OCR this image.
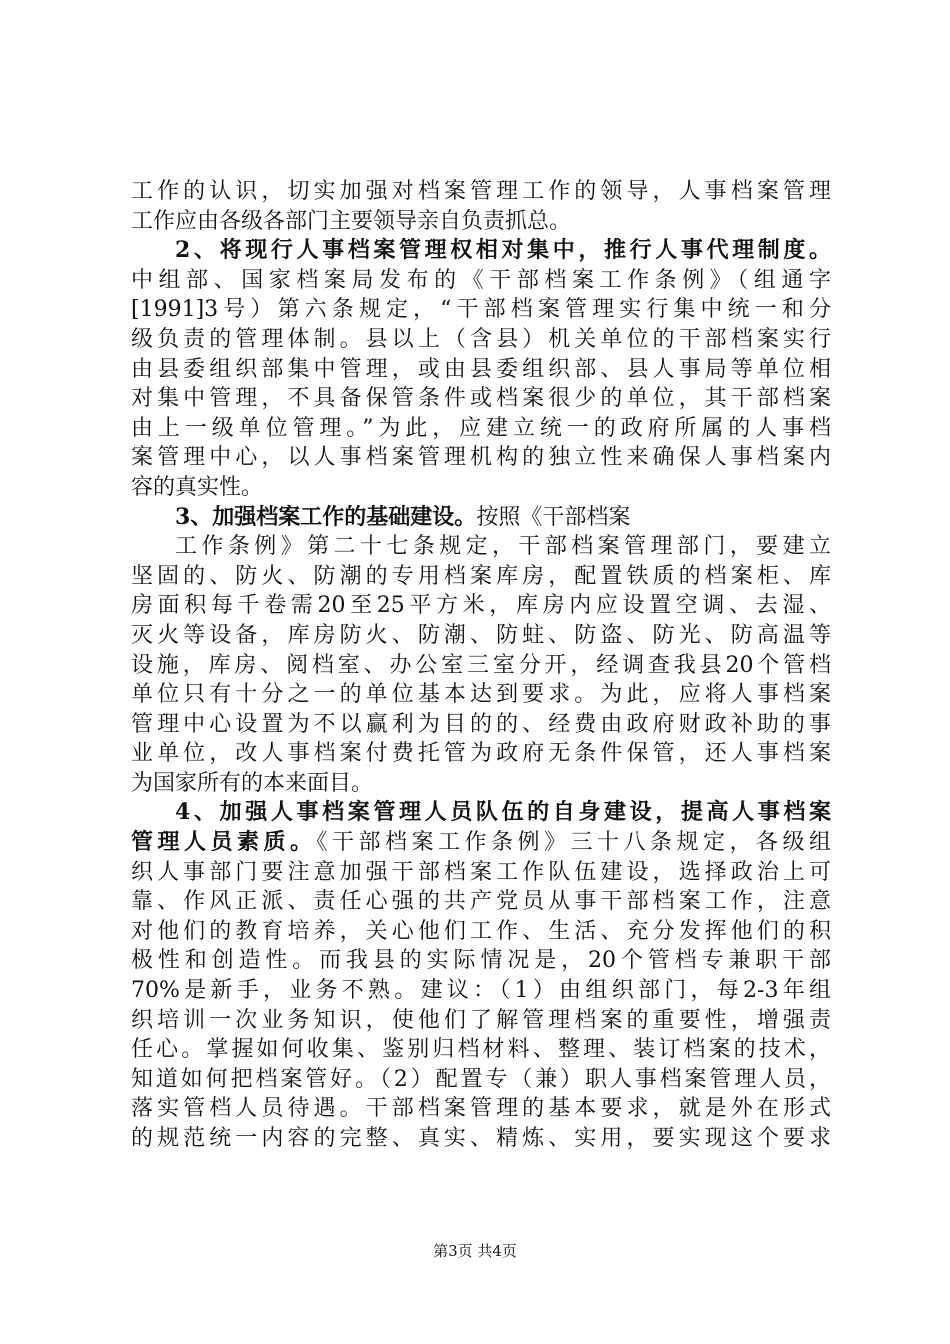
工作的认识，切实加强对档案管理工作的领导，人事档案管理
工作应由各级各部门主要领导亲自负责抓总。
2、将现行人事档案管理权相对集中，推行人事代理制度。
中组部、国家档案局发布的《干部档案工作条例》（组通字
[1991]3号）第六条规定，“干部档案管理实行集中统一和分
级负责的管理体制。县以上（含县）机关单位的干部档案实行
由县委组织部集中管理，或由县委组织部、县人事局等单位相
对集中管理，不具备保管条件或档案很少的单位，其干部档案
由上一级单位管理。”为此，应建立统一的政府所属的人事档
案管理中心，以人事档案管理机构的独立性来确保人事档案内
容的真实性。
3、加强档案工作的基础建设。按照《干部档案
工作条例》第二十七条规定，干部档案管理部门，要建立
坚固的、防火、防潮的专用档案库房，配置铁质的档案柜、库
房面积每千卷需20至25平方米，库房内应设置空调、去湿、
灭火等设备，库房防火、防潮、防蛀、防盗、防光、防高温等
设施，库房、阅档室、办公室三室分开，经调查我县20个管档
单位只有十分之一的单位基本达到要求。为此，应将人事档案
管理中心设置为不以赢利为目的的、经费由政府财政补助的事
业单位，改人事档案付费托管为政府无条件保管，还人事档案
为国家所有的本来面目。
4、加强人事档案管理人员队伍的自身建设，提高人事档案
管理人员素质。《干部档案工作条例》三十八条规定，各级组
织人事部门要注意加强干部档案工作队伍建设，选择政治上可
靠、作风正派、责任心强的共产党员从事干部档案工作，注意
对他们的教育培养，关心他们工作、生活、充分发挥他们的积
极性和创造性。而我县的实际情况是，20个管档专兼职干部
70%是新手，业务不熟。建议：（1）由组织部门，每2-3年组
织培训一次业务知识，使他们了解管理档案的重要性，增强责
任心。掌握如何收集、鉴别归档材料、整理、装订档案的技术，
知道如何把档案管好。（2）配置专（兼）职人事档案管理人员，
落实管档人员待遇。干部档案管理的基本要求，就是外在形式
的规范统一内容的完整、真实、精炼、实用，要实现这个要求
第3页 共4页
